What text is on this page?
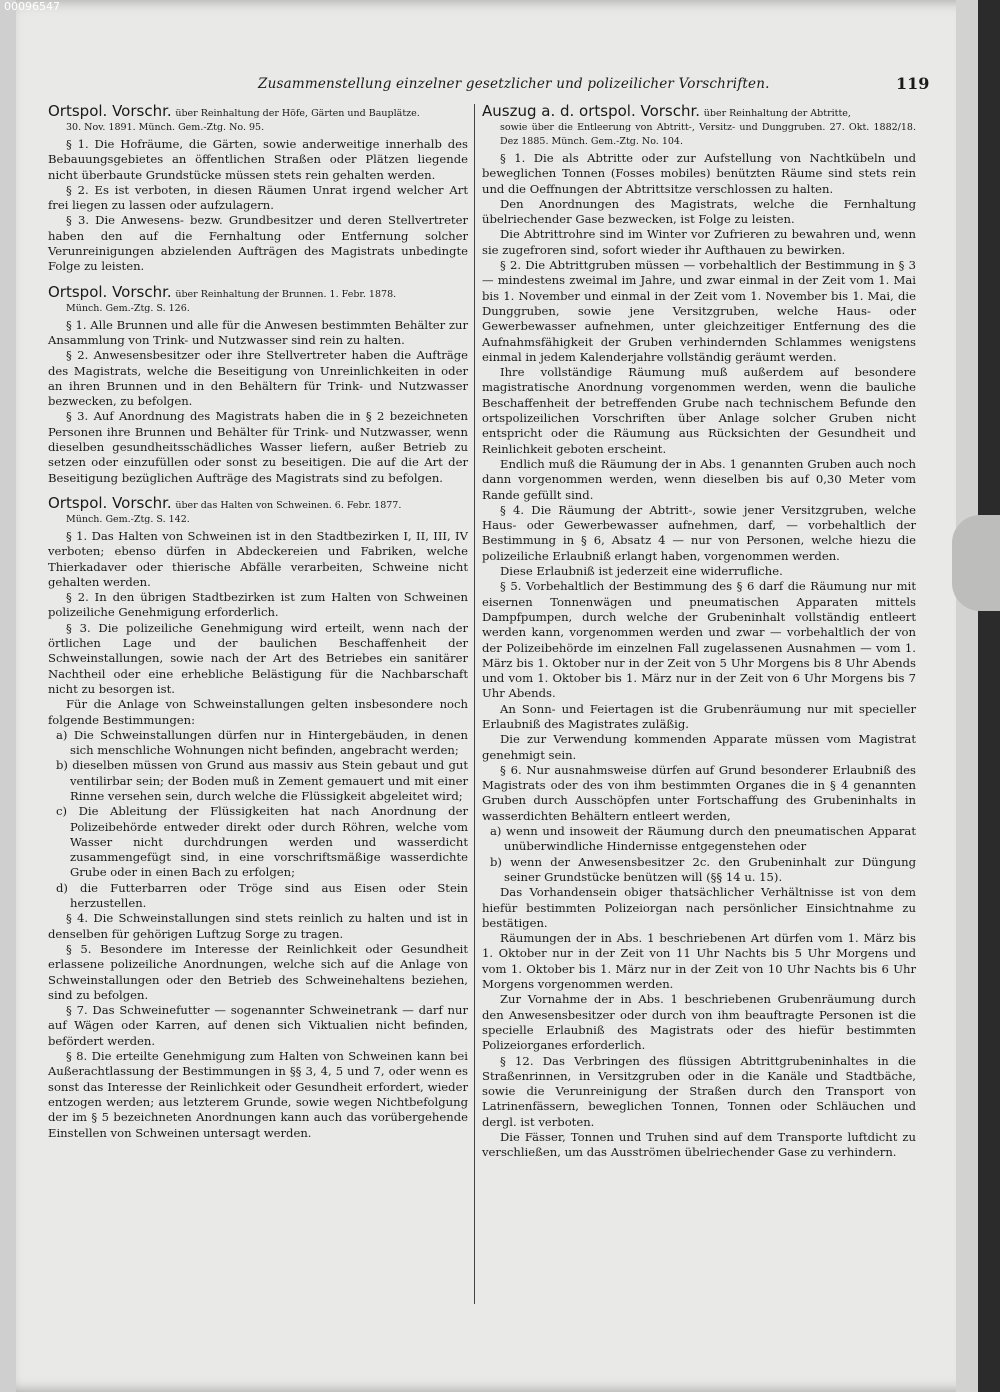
00096547
Zusammenstellung einzelner gesetzlicher und polizeilicher Vorschriften.	119

Ortspol. Vorschr. über Reinhaltung der Höfe, Gärten und Bauplätze.
30. Nov. 1891. Münch. Gem.-Ztg. No. 95.

§ 1. Die Hofräume, die Gärten, sowie anderweitige innerhalb des Bebauungsgebietes an öffentlichen Straßen oder Plätzen liegende nicht überbaute Grundstücke müssen stets rein gehalten werden.

§ 2. Es ist verboten, in diesen Räumen Unrat irgend welcher Art frei liegen zu lassen oder aufzulagern.

§ 3. Die Anwesens- bezw. Grundbesitzer und deren Stellvertreter haben den auf die Fernhaltung oder Entfernung solcher Verunreinigungen abzielenden Aufträgen des Magistrats unbedingte Folge zu leisten.

Ortspol. Vorschr. über Reinhaltung der Brunnen. 1. Febr. 1878.
Münch. Gem.-Ztg. S. 126.

§ 1. Alle Brunnen und alle für die Anwesen bestimmten Behälter zur Ansammlung von Trink- und Nutzwasser sind rein zu halten.

§ 2. Anwesensbesitzer oder ihre Stellvertreter haben die Aufträge des Magistrats, welche die Beseitigung von Unreinlichkeiten in oder an ihren Brunnen und in den Behältern für Trink- und Nutzwasser bezwecken, zu befolgen.

§ 3. Auf Anordnung des Magistrats haben die in § 2 bezeichneten Personen ihre Brunnen und Behälter für Trink- und Nutzwasser, wenn dieselben gesundheitsschädliches Wasser liefern, außer Betrieb zu setzen oder einzufüllen oder sonst zu beseitigen. Die auf die Art der Beseitigung bezüglichen Aufträge des Magistrats sind zu befolgen.

Ortspol. Vorschr. über das Halten von Schweinen. 6. Febr. 1877.
Münch. Gem.-Ztg. S. 142.

§ 1. Das Halten von Schweinen ist in den Stadtbezirken I, II, III, IV verboten; ebenso dürfen in Abdeckereien und Fabriken, welche Thierkadaver oder thierische Abfälle verarbeiten, Schweine nicht gehalten werden.

§ 2. In den übrigen Stadtbezirken ist zum Halten von Schweinen polizeiliche Genehmigung erforderlich.

§ 3. Die polizeiliche Genehmigung wird erteilt, wenn nach der örtlichen Lage und der baulichen Beschaffenheit der Schweinstallungen, sowie nach der Art des Betriebes ein sanitärer Nachtheil oder eine erhebliche Belästigung für die Nachbarschaft nicht zu besorgen ist.

Für die Anlage von Schweinstallungen gelten insbesondere noch folgende Bestimmungen:

a) Die Schweinstallungen dürfen nur in Hintergebäuden, in denen sich menschliche Wohnungen nicht befinden, angebracht werden;

b) dieselben müssen von Grund aus massiv aus Stein gebaut und gut ventilirbar sein; der Boden muß in Zement gemauert und mit einer Rinne versehen sein, durch welche die Flüssigkeit abgeleitet wird;

c) Die Ableitung der Flüssigkeiten hat nach Anordnung der Polizeibehörde entweder direkt oder durch Röhren, welche vom Wasser nicht durchdrungen werden und wasserdicht zusammengefügt sind, in eine vorschriftsmäßige wasserdichte Grube oder in einen Bach zu erfolgen;

d) die Futterbarren oder Tröge sind aus Eisen oder Stein herzustellen.

§ 4. Die Schweinstallungen sind stets reinlich zu halten und ist in denselben für gehörigen Luftzug Sorge zu tragen.

§ 5. Besondere im Interesse der Reinlichkeit oder Gesundheit erlassene polizeiliche Anordnungen, welche sich auf die Anlage von Schweinstallungen oder den Betrieb des Schweinehaltens beziehen, sind zu befolgen.

§ 7. Das Schweinefutter — sogenannter Schweinetrank — darf nur auf Wägen oder Karren, auf denen sich Viktualien nicht befinden, befördert werden.

§ 8. Die erteilte Genehmigung zum Halten von Schweinen kann bei Außerachtlassung der Bestimmungen in §§ 3, 4, 5 und 7, oder wenn es sonst das Interesse der Reinlichkeit oder Gesundheit erfordert, wieder entzogen werden; aus letzterem Grunde, sowie wegen Nichtbefolgung der im § 5 bezeichneten Anordnungen kann auch das vorübergehende Einstellen von Schweinen untersagt werden.

Auszug a. d. ortspol. Vorschr. über Reinhaltung der Abtritte,
sowie über die Entleerung von Abtritt-, Versitz- und Dunggruben. 27. Okt. 1882/18. Dez 1885. Münch. Gem.-Ztg. No. 104.

§ 1. Die als Abtritte oder zur Aufstellung von Nachtkübeln und beweglichen Tonnen (Fosses mobiles) benützten Räume sind stets rein und die Oeffnungen der Abtrittsitze verschlossen zu halten.

Den Anordnungen des Magistrats, welche die Fernhaltung übelriechender Gase bezwecken, ist Folge zu leisten.

Die Abtrittrohre sind im Winter vor Zufrieren zu bewahren und, wenn sie zugefroren sind, sofort wieder ihr Aufthauen zu bewirken.

§ 2. Die Abtrittgruben müssen — vorbehaltlich der Bestimmung in § 3 — mindestens zweimal im Jahre, und zwar einmal in der Zeit vom 1. Mai bis 1. November und einmal in der Zeit vom 1. November bis 1. Mai, die Dunggruben, sowie jene Versitzgruben, welche Haus- oder Gewerbewasser aufnehmen, unter gleichzeitiger Entfernung des die Aufnahmsfähigkeit der Gruben verhindernden Schlammes wenigstens einmal in jedem Kalenderjahre vollständig geräumt werden.

Ihre vollständige Räumung muß außerdem auf besondere magistratische Anordnung vorgenommen werden, wenn die bauliche Beschaffenheit der betreffenden Grube nach technischem Befunde den ortspolizeilichen Vorschriften über Anlage solcher Gruben nicht entspricht oder die Räumung aus Rücksichten der Gesundheit und Reinlichkeit geboten erscheint.

Endlich muß die Räumung der in Abs. 1 genannten Gruben auch noch dann vorgenommen werden, wenn dieselben bis auf 0,30 Meter vom Rande gefüllt sind.

§ 4. Die Räumung der Abtritt-, sowie jener Versitzgruben, welche Haus- oder Gewerbewasser aufnehmen, darf, — vorbehaltlich der Bestimmung in § 6, Absatz 4 — nur von Personen, welche hiezu die polizeiliche Erlaubniß erlangt haben, vorgenommen werden.

Diese Erlaubniß ist jederzeit eine widerrufliche.

§ 5. Vorbehaltlich der Bestimmung des § 6 darf die Räumung nur mit eisernen Tonnenwägen und pneumatischen Apparaten mittels Dampfpumpen, durch welche der Grubeninhalt vollständig entleert werden kann, vorgenommen werden und zwar — vorbehaltlich der von der Polizeibehörde im einzelnen Fall zugelassenen Ausnahmen — vom 1. März bis 1. Oktober nur in der Zeit von 5 Uhr Morgens bis 8 Uhr Abends und vom 1. Oktober bis 1. März nur in der Zeit von 6 Uhr Morgens bis 7 Uhr Abends.

An Sonn- und Feiertagen ist die Grubenräumung nur mit specieller Erlaubniß des Magistrates zuläßig.

Die zur Verwendung kommenden Apparate müssen vom Magistrat genehmigt sein.

§ 6. Nur ausnahmsweise dürfen auf Grund besonderer Erlaubniß des Magistrats oder des von ihm bestimmten Organes die in § 4 genannten Gruben durch Ausschöpfen unter Fortschaffung des Grubeninhalts in wasserdichten Behältern entleert werden,

a) wenn und insoweit der Räumung durch den pneumatischen Apparat unüberwindliche Hindernisse entgegenstehen oder

b) wenn der Anwesensbesitzer 2c. den Grubeninhalt zur Düngung seiner Grundstücke benützen will (§§ 14 u. 15).

Das Vorhandensein obiger thatsächlicher Verhältnisse ist von dem hiefür bestimmten Polizeiorgan nach persönlicher Einsichtnahme zu bestätigen.

Räumungen der in Abs. 1 beschriebenen Art dürfen vom 1. März bis 1. Oktober nur in der Zeit von 11 Uhr Nachts bis 5 Uhr Morgens und vom 1. Oktober bis 1. März nur in der Zeit von 10 Uhr Nachts bis 6 Uhr Morgens vorgenommen werden.

Zur Vornahme der in Abs. 1 beschriebenen Grubenräumung durch den Anwesensbesitzer oder durch von ihm beauftragte Personen ist die specielle Erlaubniß des Magistrats oder des hiefür bestimmten Polizeiorganes erforderlich.

§ 12. Das Verbringen des flüssigen Abtrittgrubeninhaltes in die Straßenrinnen, in Versitzgruben oder in die Kanäle und Stadtbäche, sowie die Verunreinigung der Straßen durch den Transport von Latrinenfässern, beweglichen Tonnen, Tonnen oder Schläuchen und dergl. ist verboten.

Die Fässer, Tonnen und Truhen sind auf dem Transporte luftdicht zu verschließen, um das Ausströmen übelriechender Gase zu verhindern.
